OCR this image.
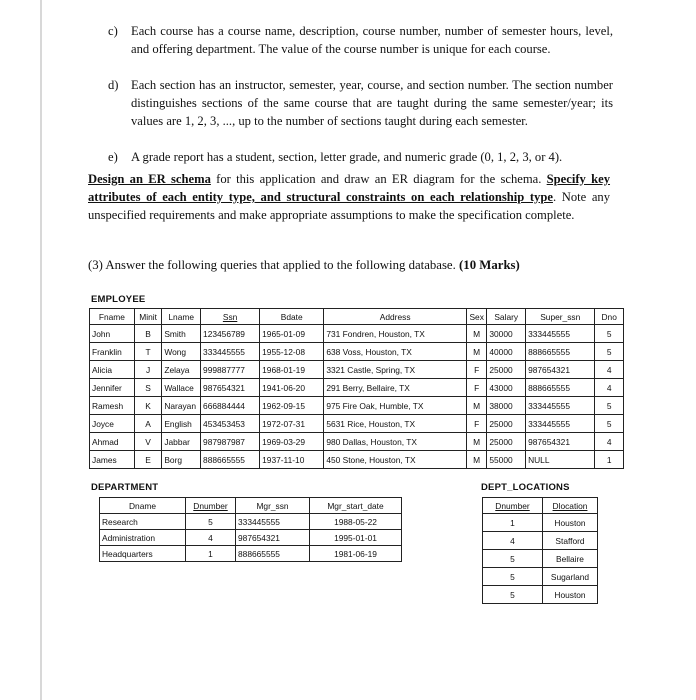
c)	Each course has a course name, description, course number, number of semester hours, level, and offering department. The value of the course number is unique for each course.
d) Each section has an instructor, semester, year, course, and section number. The section number distinguishes sections of the same course that are taught during the same semester/year; its values are 1, 2, 3, ..., up to the number of sections taught during each semester.
e)	A grade report has a student, section, letter grade, and numeric grade (0, 1, 2, 3, or 4).
Design an ER schema for this application and draw an ER diagram for the schema. Specify key attributes of each entity type, and structural constraints on each relationship type. Note any unspecified requirements and make appropriate assumptions to make the specification complete.
(3) Answer the following queries that applied to the following database. (10 Marks)
EMPLOYEE
Fname	Minit	Lname	Ssn	Bdate	Address	Sex	Salary	Super_ssn	Dno
John	B	Smith	123456789	1965-01-09	731 Fondren, Houston, TX	M	30000	333445555	5
Franklin	T	Wong	333445555	1955-12-08	638 Voss, Houston, TX	M	40000	888665555	5
Alicia	J	Zelaya	999887777	1968-01-19	3321 Castle, Spring, TX	F	25000	987654321	4
Jennifer	S	Wallace	987654321	1941-06-20	291 Berry, Bellaire, TX	F	43000	888665555	4
Ramesh	K	Narayan	666884444	1962-09-15	975 Fire Oak, Humble, TX	M	38000	333445555	5
Joyce	A	English	453453453	1972-07-31	5631 Rice, Houston, TX	F	25000	333445555	5
Ahmad	V	Jabbar	987987987	1969-03-29	980 Dallas, Houston, TX	M	25000	987654321	4
James	E	Borg	888665555	1937-11-10	450 Stone, Houston, TX	M	55000	NULL	1
DEPARTMENT
Dname	Dnumber	Mgr_ssn	Mgr_start_date
Research	5	333445555	1988-05-22
Administration	4	987654321	1995-01-01
Headquarters	1	888665555	1981-06-19
DEPT_LOCATIONS
Dnumber	Dlocation
1	Houston
4	Stafford
5	Bellaire
5	Sugarland
5	Houston
